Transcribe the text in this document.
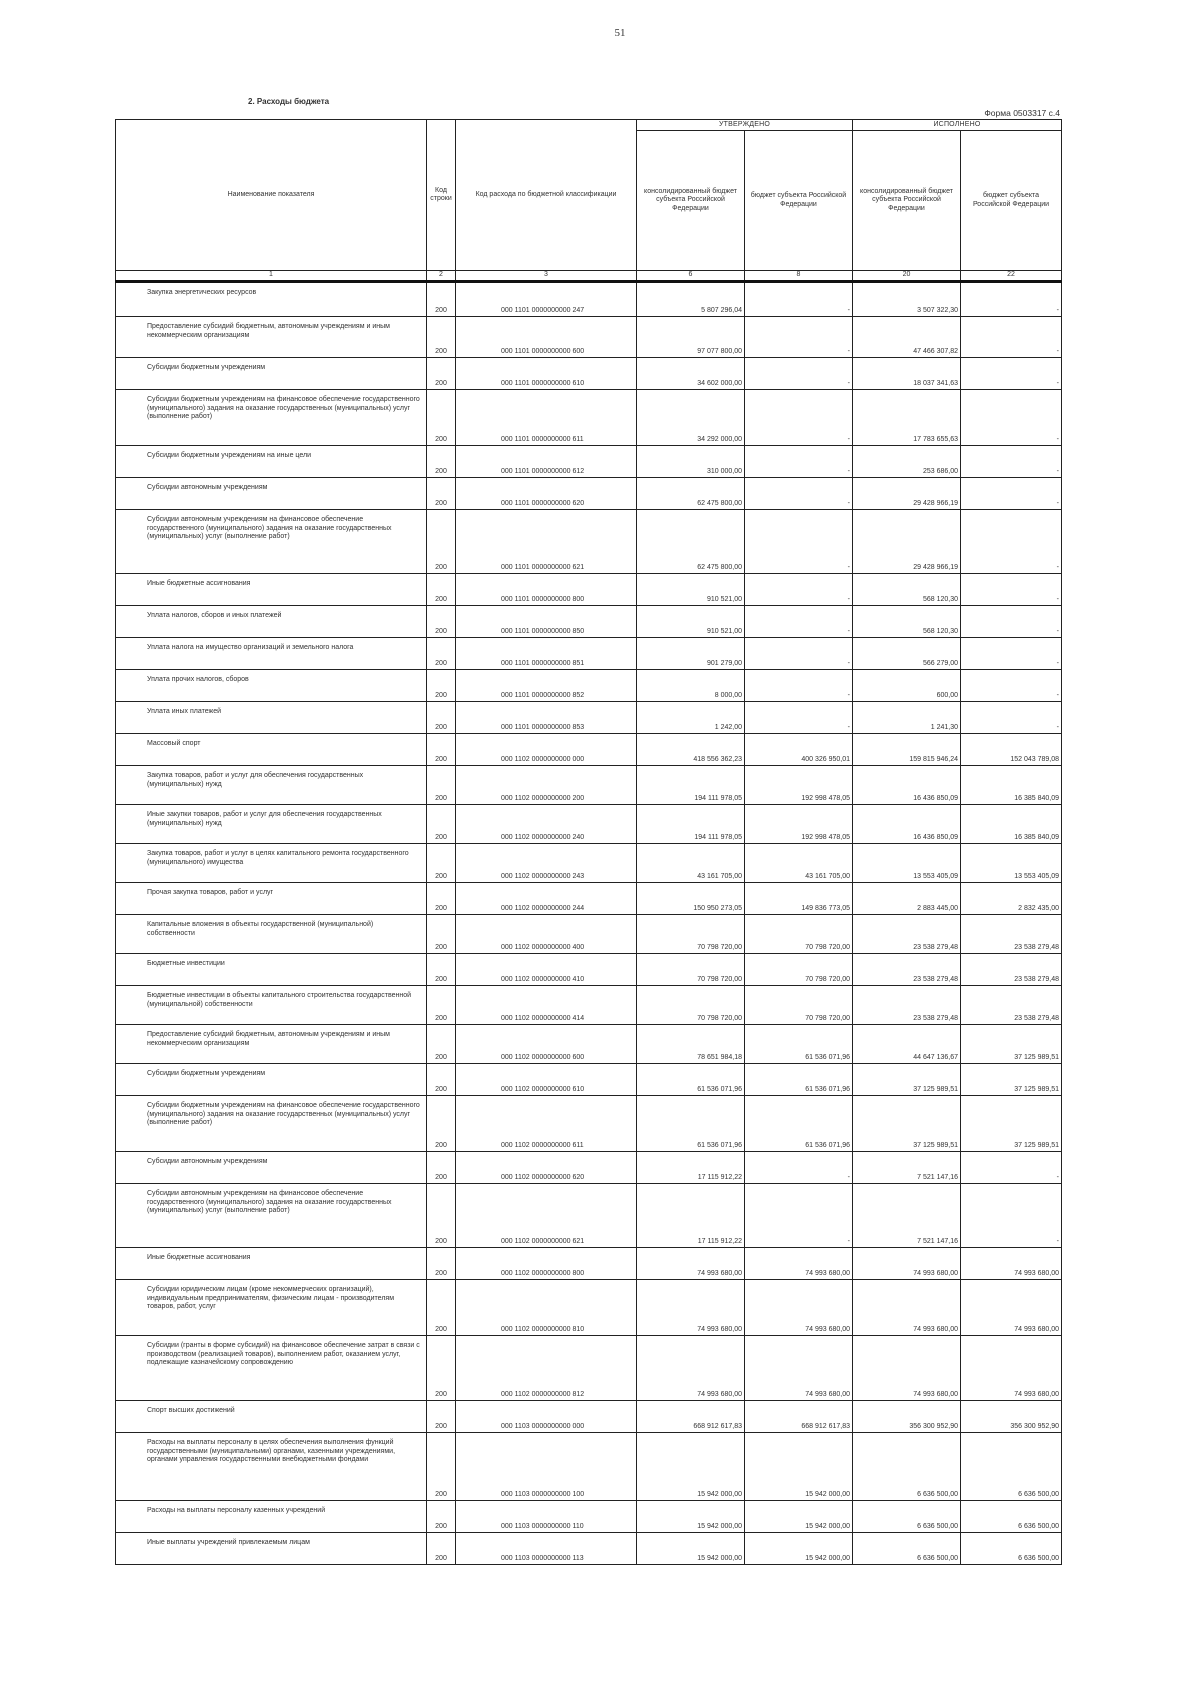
51
2. Расходы бюджета
Форма 0503317 с.4
Наименование показателя	Код строки	Код расхода по бюджетной классификации	УТВЕРЖДЕНО		ИСПОЛНЕНО	
			консолидированный бюджет субъекта Российской Федерации	бюджет субъекта Российской Федерации	консолидированный бюджет субъекта Российской Федерации	бюджет субъекта Российской Федерации
1	2	3	6	8	20	22
Закупка энергетических ресурсов	200	000 1101 0000000000 247	5 807 296,04	-	3 507 322,30	-
Предоставление субсидий бюджетным, автономным учреждениям и иным некоммерческим организациям	200	000 1101 0000000000 600	97 077 800,00	-	47 466 307,82	-
Субсидии бюджетным учреждениям	200	000 1101 0000000000 610	34 602 000,00	-	18 037 341,63	-
Субсидии бюджетным учреждениям на финансовое обеспечение государственного (муниципального) задания на оказание государственных (муниципальных) услуг (выполнение работ)	200	000 1101 0000000000 611	34 292 000,00	-	17 783 655,63	-
Субсидии бюджетным учреждениям на иные цели	200	000 1101 0000000000 612	310 000,00	-	253 686,00	-
Субсидии автономным учреждениям	200	000 1101 0000000000 620	62 475 800,00	-	29 428 966,19	-
Субсидии автономным учреждениям на финансовое обеспечение государственного (муниципального) задания на оказание государственных (муниципальных) услуг (выполнение работ)	200	000 1101 0000000000 621	62 475 800,00	-	29 428 966,19	-
Иные бюджетные ассигнования	200	000 1101 0000000000 800	910 521,00	-	568 120,30	-
Уплата налогов, сборов и иных платежей	200	000 1101 0000000000 850	910 521,00	-	568 120,30	-
Уплата налога на имущество организаций и земельного налога	200	000 1101 0000000000 851	901 279,00	-	566 279,00	-
Уплата прочих налогов, сборов	200	000 1101 0000000000 852	8 000,00	-	600,00	-
Уплата иных платежей	200	000 1101 0000000000 853	1 242,00	-	1 241,30	-
Массовый спорт	200	000 1102 0000000000 000	418 556 362,23	400 326 950,01	159 815 946,24	152 043 789,08
Закупка товаров, работ и услуг для обеспечения государственных (муниципальных) нужд	200	000 1102 0000000000 200	194 111 978,05	192 998 478,05	16 436 850,09	16 385 840,09
Иные закупки товаров, работ и услуг для обеспечения государственных (муниципальных) нужд	200	000 1102 0000000000 240	194 111 978,05	192 998 478,05	16 436 850,09	16 385 840,09
Закупка товаров, работ и услуг в целях капитального ремонта государственного (муниципального) имущества	200	000 1102 0000000000 243	43 161 705,00	43 161 705,00	13 553 405,09	13 553 405,09
Прочая закупка товаров, работ и услуг	200	000 1102 0000000000 244	150 950 273,05	149 836 773,05	2 883 445,00	2 832 435,00
Капитальные вложения в объекты государственной (муниципальной) собственности	200	000 1102 0000000000 400	70 798 720,00	70 798 720,00	23 538 279,48	23 538 279,48
Бюджетные инвестиции	200	000 1102 0000000000 410	70 798 720,00	70 798 720,00	23 538 279,48	23 538 279,48
Бюджетные инвестиции в объекты капитального строительства государственной (муниципальной) собственности	200	000 1102 0000000000 414	70 798 720,00	70 798 720,00	23 538 279,48	23 538 279,48
Предоставление субсидий бюджетным, автономным учреждениям и иным некоммерческим организациям	200	000 1102 0000000000 600	78 651 984,18	61 536 071,96	44 647 136,67	37 125 989,51
Субсидии бюджетным учреждениям	200	000 1102 0000000000 610	61 536 071,96	61 536 071,96	37 125 989,51	37 125 989,51
Субсидии бюджетным учреждениям на финансовое обеспечение государственного (муниципального) задания на оказание государственных (муниципальных) услуг (выполнение работ)	200	000 1102 0000000000 611	61 536 071,96	61 536 071,96	37 125 989,51	37 125 989,51
Субсидии автономным учреждениям	200	000 1102 0000000000 620	17 115 912,22	-	7 521 147,16	-
Субсидии автономным учреждениям на финансовое обеспечение государственного (муниципального) задания на оказание государственных (муниципальных) услуг (выполнение работ)	200	000 1102 0000000000 621	17 115 912,22	-	7 521 147,16	-
Иные бюджетные ассигнования	200	000 1102 0000000000 800	74 993 680,00	74 993 680,00	74 993 680,00	74 993 680,00
Субсидии юридическим лицам (кроме некоммерческих организаций), индивидуальным предпринимателям, физическим лицам - производителям товаров, работ, услуг	200	000 1102 0000000000 810	74 993 680,00	74 993 680,00	74 993 680,00	74 993 680,00
Субсидии (гранты в форме субсидий) на финансовое обеспечение затрат в связи с производством (реализацией товаров), выполнением работ, оказанием услуг, подлежащие казначейскому сопровождению	200	000 1102 0000000000 812	74 993 680,00	74 993 680,00	74 993 680,00	74 993 680,00
Спорт высших достижений	200	000 1103 0000000000 000	668 912 617,83	668 912 617,83	356 300 952,90	356 300 952,90
Расходы на выплаты персоналу в целях обеспечения выполнения функций государственными (муниципальными) органами, казенными учреждениями, органами управления государственными внебюджетными фондами	200	000 1103 0000000000 100	15 942 000,00	15 942 000,00	6 636 500,00	6 636 500,00
Расходы на выплаты персоналу казенных учреждений	200	000 1103 0000000000 110	15 942 000,00	15 942 000,00	6 636 500,00	6 636 500,00
Иные выплаты учреждений привлекаемым лицам	200	000 1103 0000000000 113	15 942 000,00	15 942 000,00	6 636 500,00	6 636 500,00
